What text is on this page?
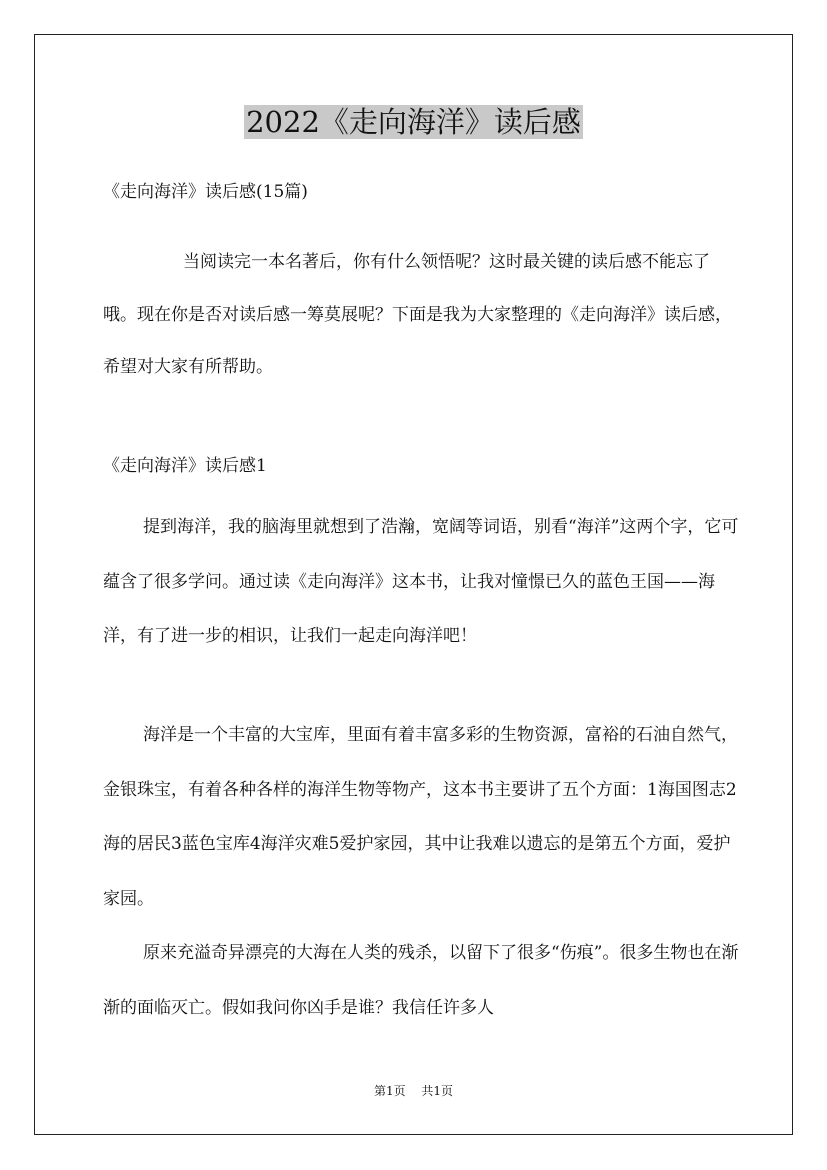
2022《走向海洋》读后感
《走向海洋》读后感(15篇)

当阅读完一本名著后，你有什么领悟呢？这时最关键的读后感不能忘了哦。现在你是否对读后感一筹莫展呢？下面是我为大家整理的《走向海洋》读后感，希望对大家有所帮助。

《走向海洋》读后感1

提到海洋，我的脑海里就想到了浩瀚，宽阔等词语，别看“海洋”这两个字，它可蕴含了很多学问。通过读《走向海洋》这本书，让我对憧憬已久的蓝色王国——海洋，有了进一步的相识，让我们一起走向海洋吧！

海洋是一个丰富的大宝库，里面有着丰富多彩的生物资源，富裕的石油自然气，金银珠宝，有着各种各样的海洋生物等物产，这本书主要讲了五个方面：1海国图志2海的居民3蓝色宝库4海洋灾难5爱护家园，其中让我难以遗忘的是第五个方面，爱护家园。

原来充溢奇异漂亮的大海在人类的残杀，以留下了很多“伤痕”。很多生物也在渐渐的面临灭亡。假如我问你凶手是谁？我信任许多人

第1页 共1页
